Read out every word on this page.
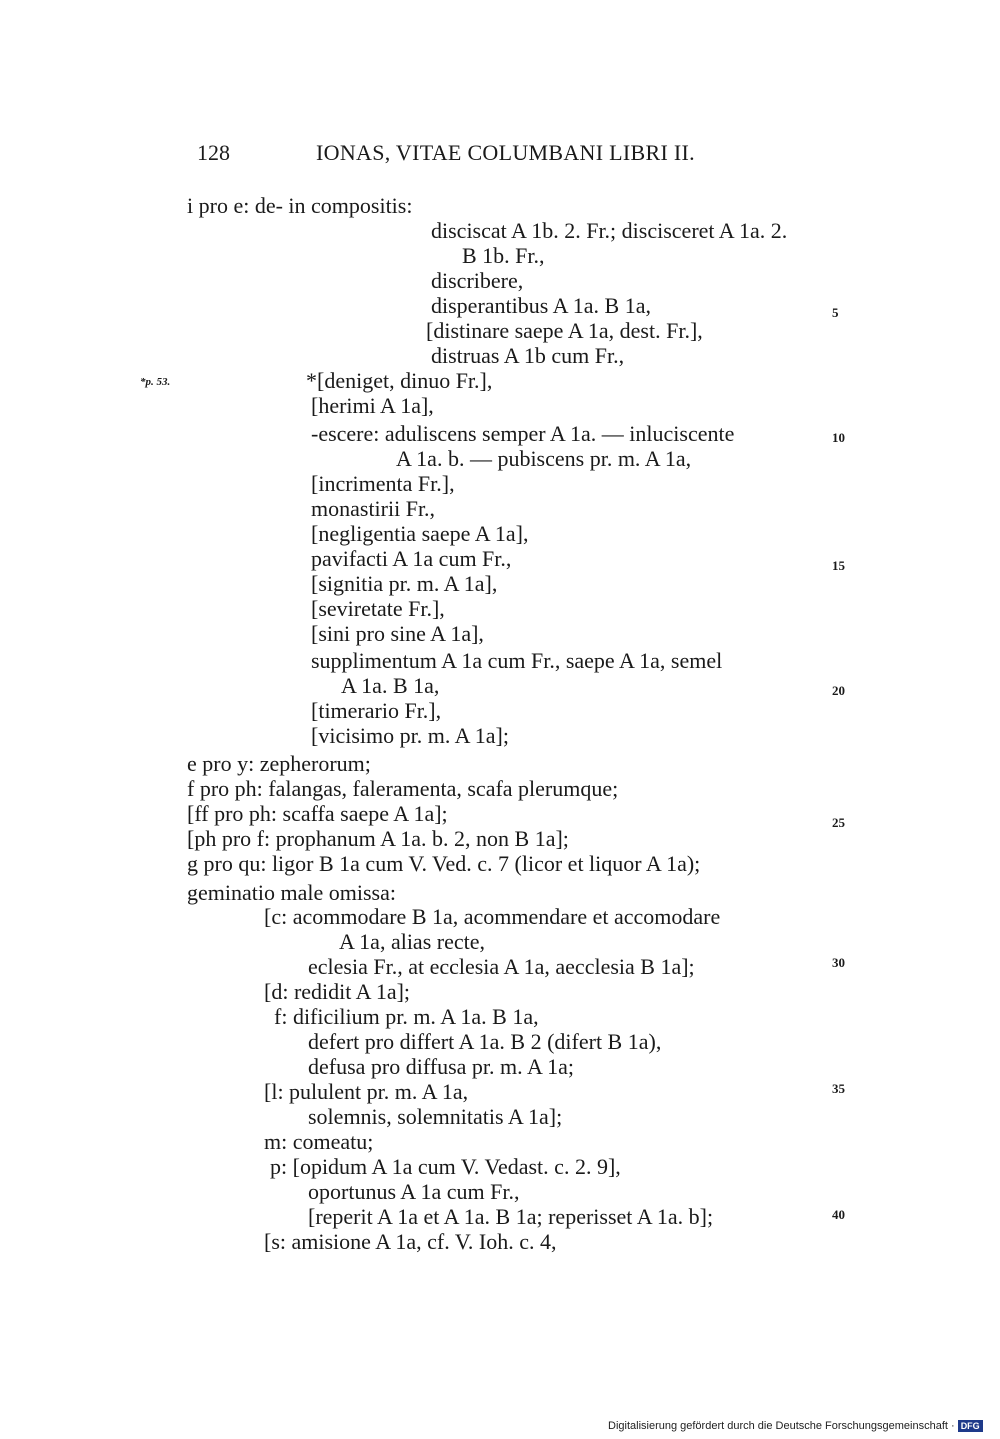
128	IONAS, VITAE COLUMBANI LIBRI II.
*p. 53.
i pro e: de- in compositis:
disciscat A 1b. 2. Fr.; discisceret A 1a. 2.
B 1b. Fr.,
discribere,
disperantibus A 1a. B 1a,
[distinare saepe A 1a, dest. Fr.],
distruas A 1b cum Fr.,
*[deniget, dinuo Fr.],
[herimi A 1a],
-escere: aduliscens semper A 1a. — inluciscente
A 1a. b. — pubiscens pr. m. A 1a,
[incrimenta Fr.],
monastirii Fr.,
[negligentia saepe A 1a],
pavifacti A 1a cum Fr.,
[signitia pr. m. A 1a],
[seviretate Fr.],
[sini pro sine A 1a],
supplimentum A 1a cum Fr., saepe A 1a, semel
A 1a. B 1a,
[timerario Fr.],
[vicisimo pr. m. A 1a];
e pro y: zepherorum;
f pro ph: falangas, faleramenta, scafa plerumque;
[ff pro ph: scaffa saepe A 1a];
[ph pro f: prophanum A 1a. b. 2, non B 1a];
g pro qu: ligor B 1a cum V. Ved. c. 7 (licor et liquor A 1a);
geminatio male omissa:
[c: acommodare B 1a, acommendare et accomodare
A 1a, alias recte,
eclesia Fr., at ecclesia A 1a, aecclesia B 1a];
[d: redidit A 1a];
f: dificilium pr. m. A 1a. B 1a,
defert pro differt A 1a. B 2 (difert B 1a),
defusa pro diffusa pr. m. A 1a;
[l: pululent pr. m. A 1a,
solemnis, solemnitatis A 1a];
m: comeatu;
p: [opidum A 1a cum V. Vedast. c. 2. 9],
oportunus A 1a cum Fr.,
[reperit A 1a et A 1a. B 1a; reperisset A 1a. b];
[s: amisione A 1a, cf. V. Ioh. c. 4,
5
10
15
20
25
30
35
40
Digitalisierung gefördert durch die Deutsche Forschungsgemeinschaft · DFG
